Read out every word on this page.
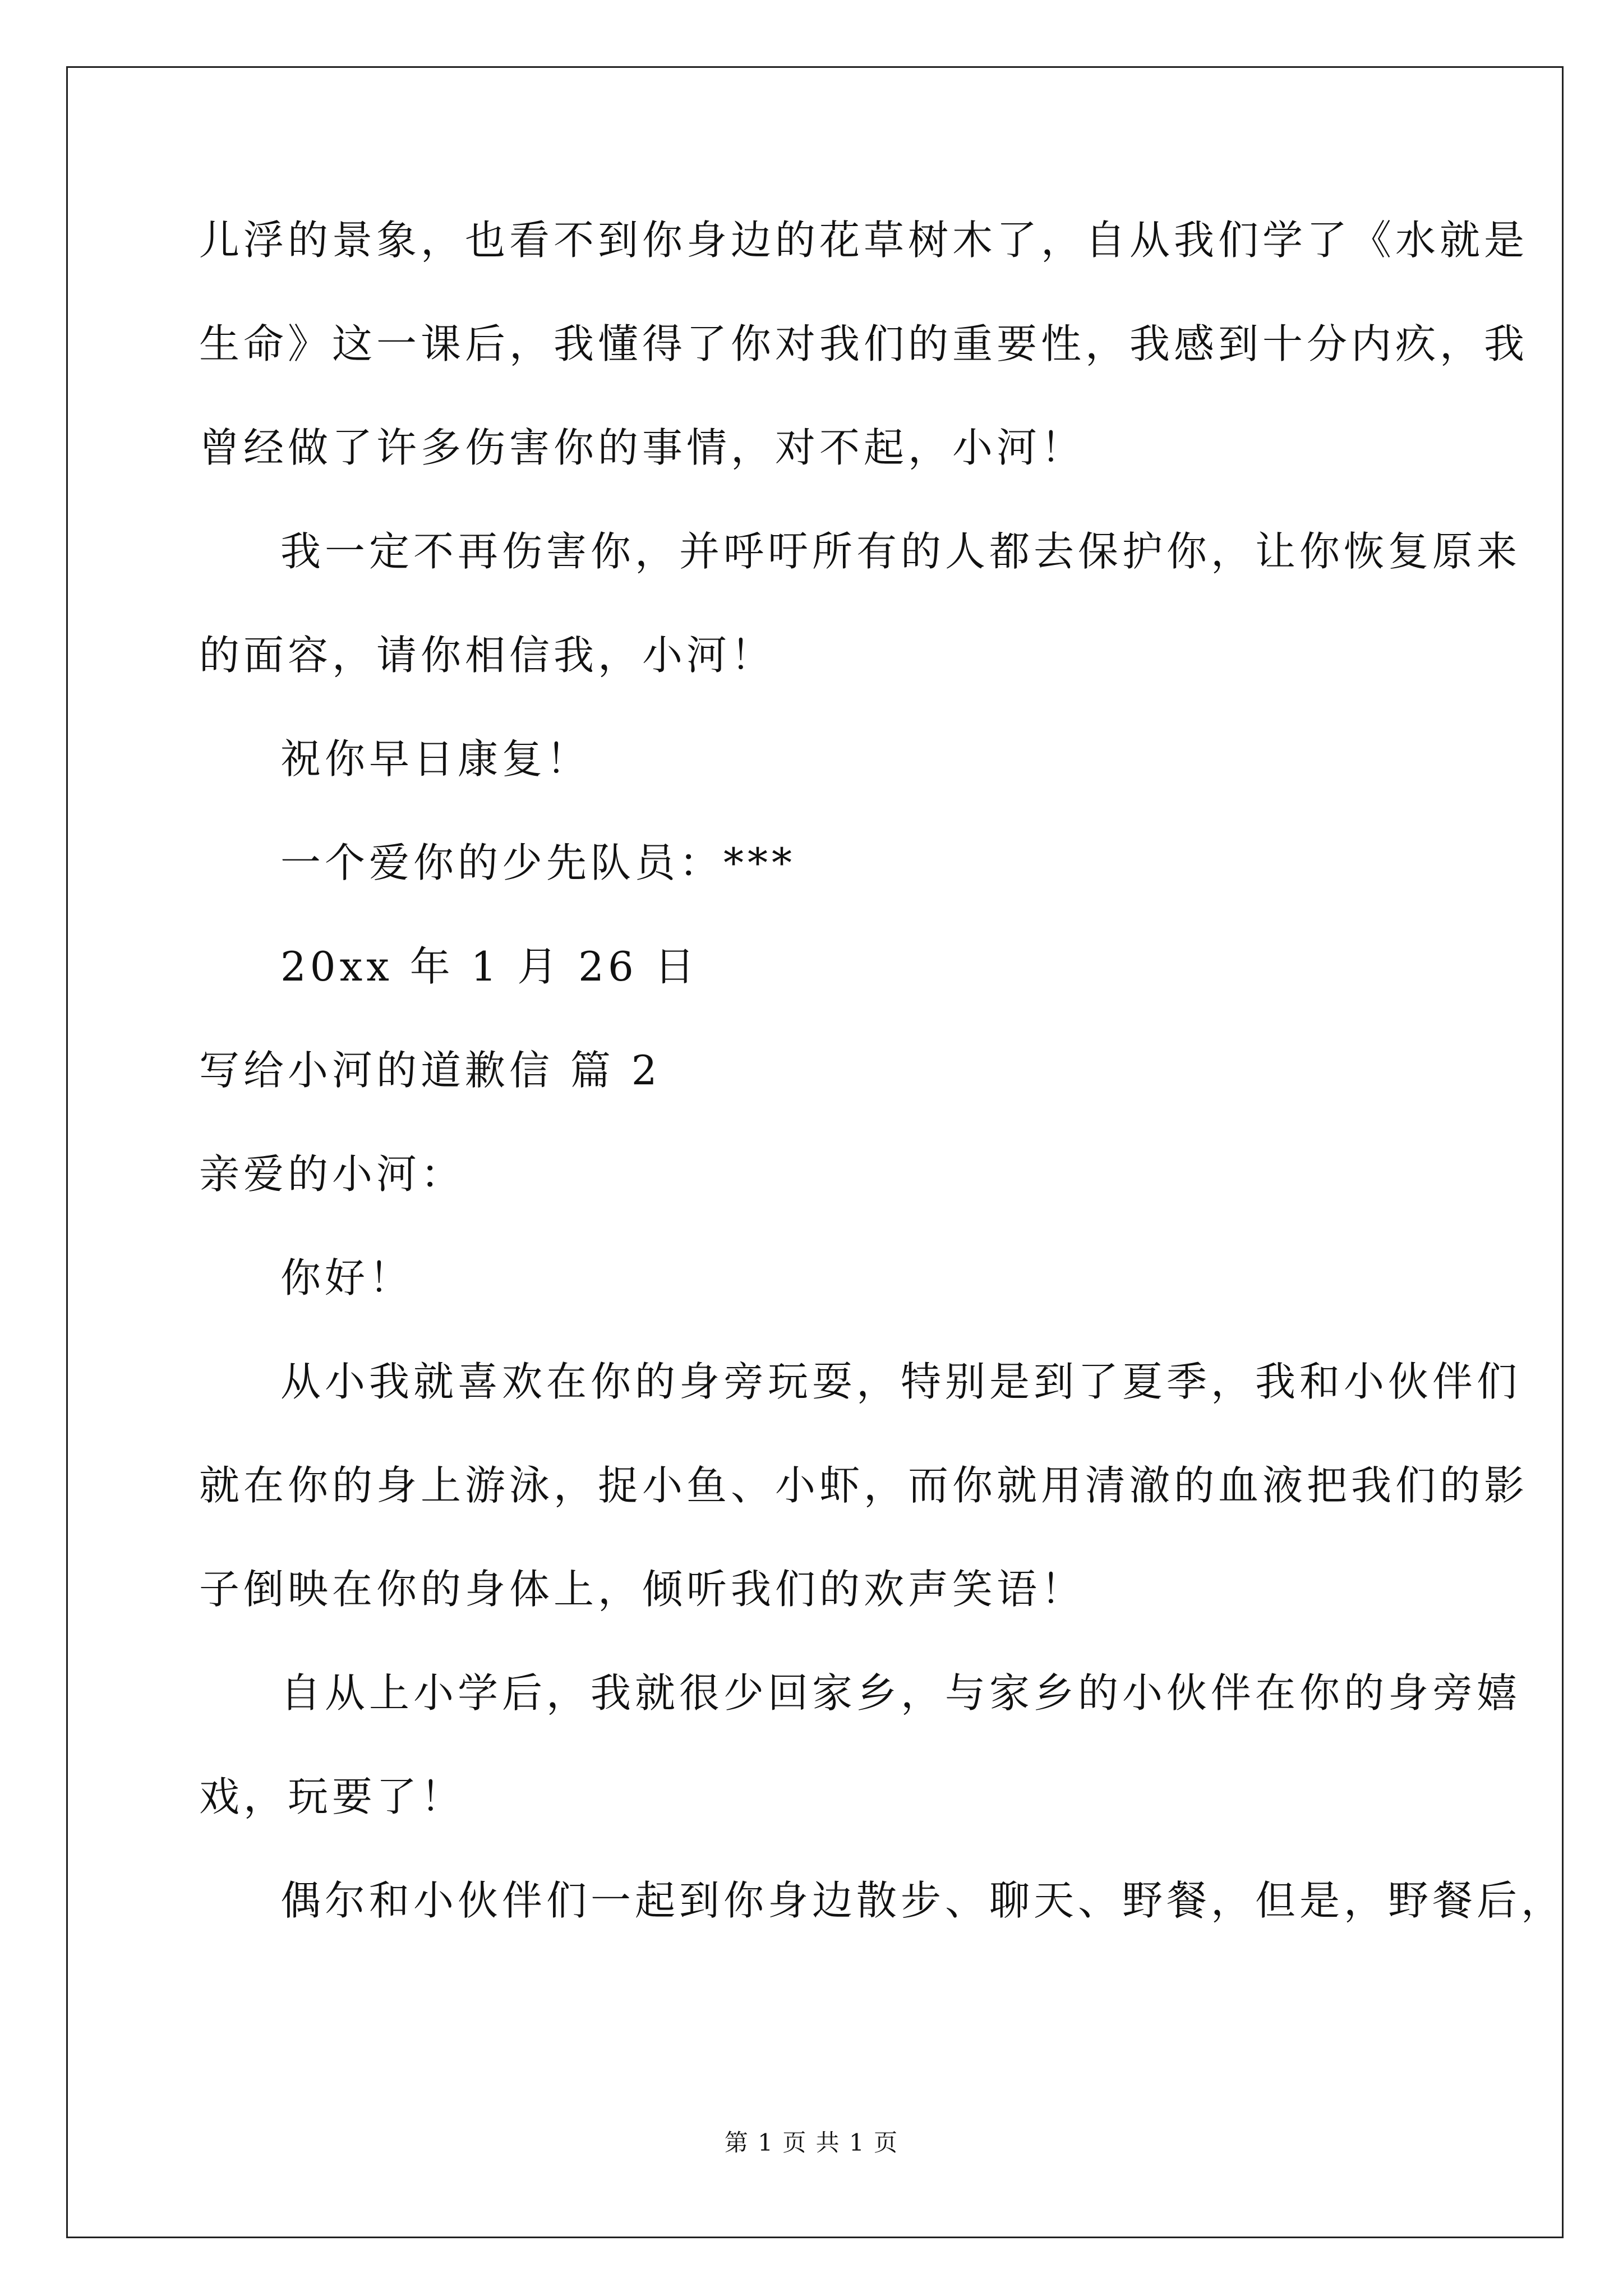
儿浮的景象，也看不到你身边的花草树木了，自从我们学了《水就是
生命》这一课后，我懂得了你对我们的重要性，我感到十分内疚，我
曾经做了许多伤害你的事情，对不起，小河！
我一定不再伤害你，并呼吁所有的人都去保护你，让你恢复原来
的面容，请你相信我，小河！
祝你早日康复！
一个爱你的少先队员：***
20xx 年 1 月 26 日
写给小河的道歉信 篇 2
亲爱的小河：
你好！
从小我就喜欢在你的身旁玩耍，特别是到了夏季，我和小伙伴们
就在你的身上游泳，捉小鱼、小虾，而你就用清澈的血液把我们的影
子倒映在你的身体上，倾听我们的欢声笑语！
自从上小学后，我就很少回家乡，与家乡的小伙伴在你的身旁嬉
戏，玩要了！
偶尔和小伙伴们一起到你身边散步、聊天、野餐，但是，野餐后，
第 1 页 共 1 页
